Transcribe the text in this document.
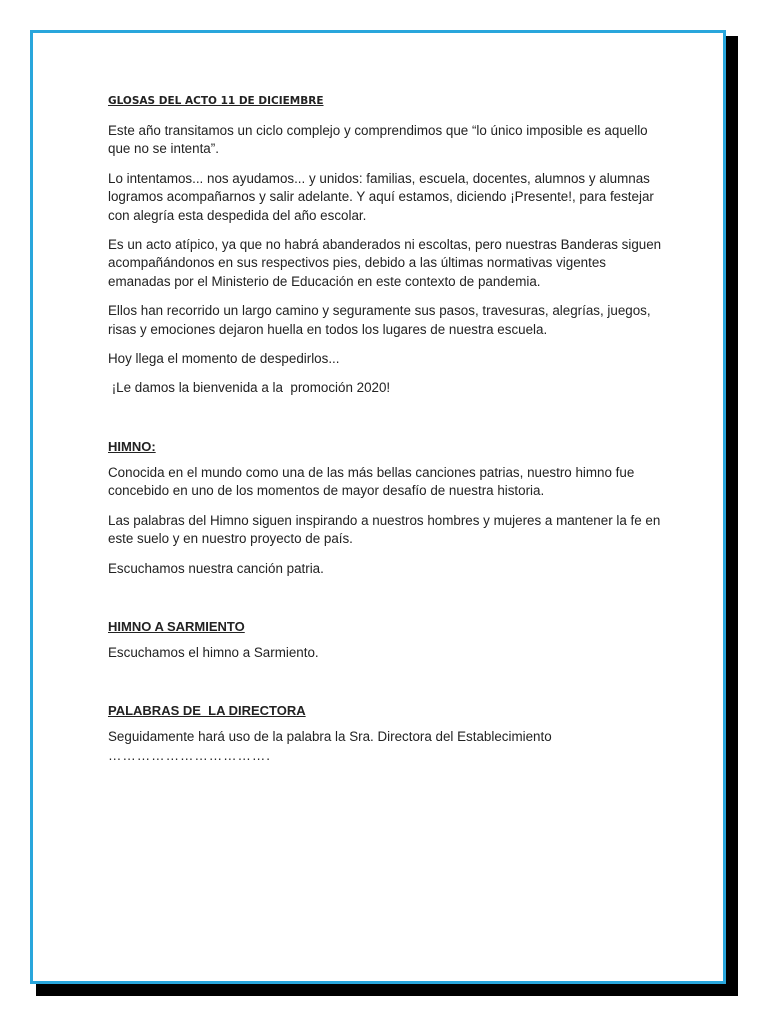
GLOSAS DEL ACTO 11 DE DICIEMBRE

Este año transitamos un ciclo complejo y comprendimos que “lo único imposible es aquello que no se intenta”.

Lo intentamos... nos ayudamos... y unidos: familias, escuela, docentes, alumnos y alumnas logramos acompañarnos y salir adelante. Y aquí estamos, diciendo ¡Presente!, para festejar con alegría esta despedida del año escolar.

Es un acto atípico, ya que no habrá abanderados ni escoltas, pero nuestras Banderas siguen acompañándonos en sus respectivos pies, debido a las últimas normativas vigentes emanadas por el Ministerio de Educación en este contexto de pandemia.

Ellos han recorrido un largo camino y seguramente sus pasos, travesuras, alegrías, juegos, risas y emociones dejaron huella en todos los lugares de nuestra escuela.

Hoy llega el momento de despedirlos...

¡Le damos la bienvenida a la  promoción 2020!

HIMNO:

Conocida en el mundo como una de las más bellas canciones patrias, nuestro himno fue concebido en uno de los momentos de mayor desafío de nuestra historia.

Las palabras del Himno siguen inspirando a nuestros hombres y mujeres a mantener la fe en este suelo y en nuestro proyecto de país.

Escuchamos nuestra canción patria.

HIMNO A SARMIENTO

Escuchamos el himno a Sarmiento.

PALABRAS DE  LA DIRECTORA

Seguidamente hará uso de la palabra la Sra. Directora del Establecimiento
…………………………….
